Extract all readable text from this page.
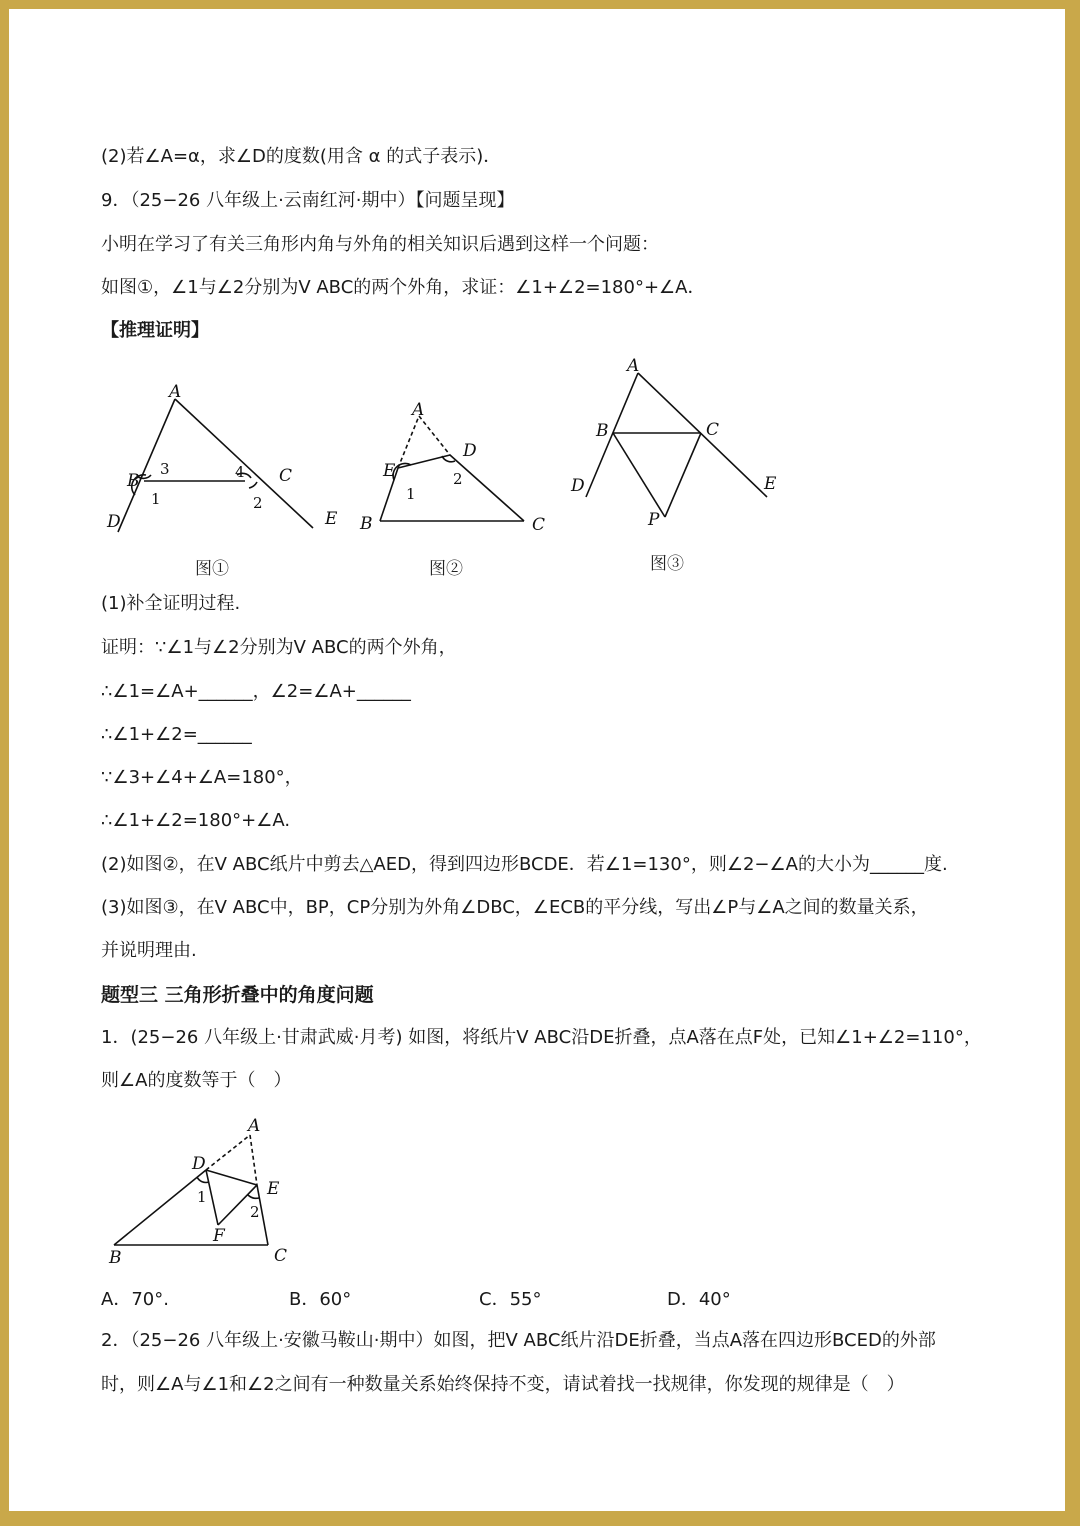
(2)若∠A=α，求∠D的度数(用含 α 的式子表示)．
9．（25−26 八年级上·云南红河·期中）【问题呈现】
小明在学习了有关三角形内角与外角的相关知识后遇到这样一个问题：
如图①，∠1与∠2分别为V ABC的两个外角，求证：∠1+∠2=180°+∠A．
【推理证明】
A
B	C
D	E
1	2
3	4
图①
A
B	C
D
E
1
2
图②
A
B	C
D	E
P
图③
(1)补全证明过程.
证明：∵∠1与∠2分别为V ABC的两个外角，
∴∠1=∠A+______，∠2=∠A+______
∴∠1+∠2=______
∵∠3+∠4+∠A=180°，
∴∠1+∠2=180°+∠A.
(2)如图②，在V ABC纸片中剪去△AED，得到四边形BCDE．若∠1=130°，则∠2−∠A的大小为______度.
(3)如图③，在V ABC中，BP，CP分别为外角∠DBC，∠ECB的平分线，写出∠P与∠A之间的数量关系，
并说明理由.
题型三 三角形折叠中的角度问题
1．(25−26 八年级上·甘肃武威·月考) 如图，将纸片V ABC沿DE折叠，点A落在点F处，已知∠1+∠2=110°，
则∠A的度数等于（　）
A
B	C
D
E
F
1
2
A．70°.	B．60°	C．55°	D．40°
2．（25−26 八年级上·安徽马鞍山·期中）如图，把V ABC纸片沿DE折叠，当点A落在四边形BCED的外部
时，则∠A与∠1和∠2之间有一种数量关系始终保持不变，请试着找一找规律，你发现的规律是（　）
